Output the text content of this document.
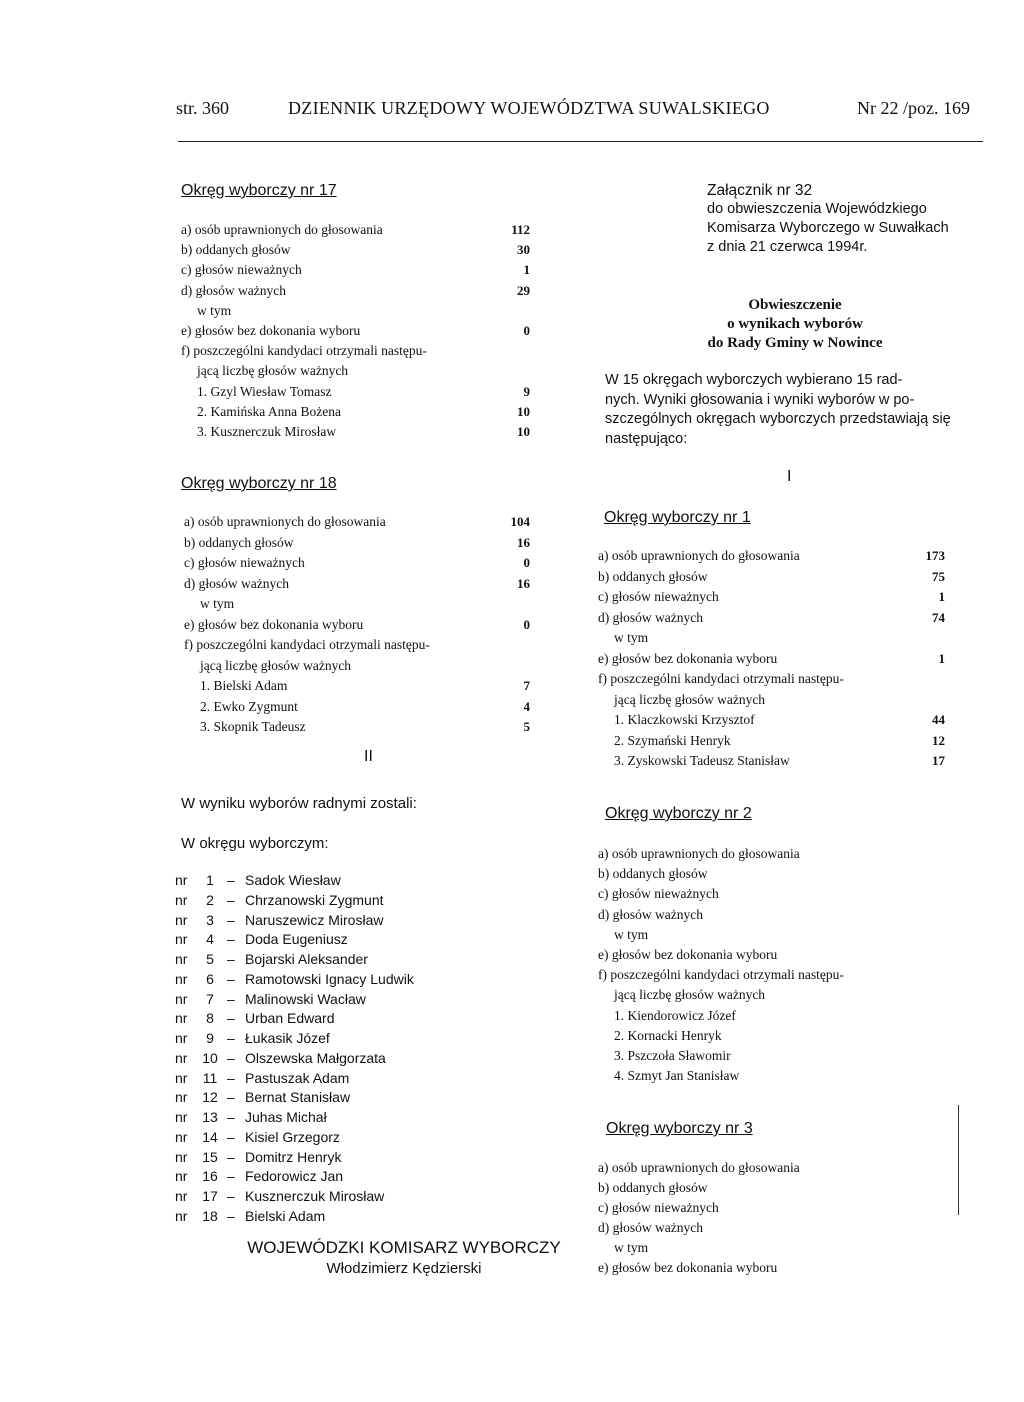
str. 360	DZIENNIK URZĘDOWY WOJEWÓDZTWA SUWALSKIEGO	Nr 22 /poz. 169
Okręg wyborczy nr 17
a) osób uprawnionych do głosowania	112
b) oddanych głosów	30
c) głosów nieważnych	1
d) głosów ważnych	29
w tym
e) głosów bez dokonania wyboru	0
f) poszczególni kandydaci otrzymali następu-
jącą liczbę głosów ważnych
1. Gzyl Wiesław Tomasz	9
2. Kamińska Anna Bożena	10
3. Kusznerczuk Mirosław	10
Okręg wyborczy nr 18
a) osób uprawnionych do głosowania	104
b) oddanych głosów	16
c) głosów nieważnych	0
d) głosów ważnych	16
w tym
e) głosów bez dokonania wyboru	0
f) poszczególni kandydaci otrzymali następu-
jącą liczbę głosów ważnych
1. Bielski Adam	7
2. Ewko Zygmunt	4
3. Skopnik Tadeusz	5
II
W wyniku wyborów radnymi zostali:
W okręgu wyborczym:
nr	1 – Sadok Wiesław
nr	2 – Chrzanowski Zygmunt
nr	3 – Naruszewicz Mirosław
nr	4 – Doda Eugeniusz
nr	5 – Bojarski Aleksander
nr	6 – Ramotowski Ignacy Ludwik
nr	7 – Malinowski Wacław
nr	8 – Urban Edward
nr	9 – Łukasik Józef
nr 10 – Olszewska Małgorzata
nr 11 – Pastuszak Adam
nr 12 – Bernat Stanisław
nr 13 – Juhas Michał
nr 14 – Kisiel Grzegorz
nr 15 – Domitrz Henryk
nr 16 – Fedorowicz Jan
nr 17 – Kusznerczuk Mirosław
nr 18 – Bielski Adam
WOJEWÓDZKI KOMISARZ WYBORCZY
Włodzimierz Kędzierski
Załącznik nr 32
do obwieszczenia Wojewódzkiego
Komisarza Wyborczego w Suwałkach
z dnia 21 czerwca 1994r.
Obwieszczenie
o wynikach wyborów
do Rady Gminy w Nowince
W 15 okręgach wyborczych wybierano 15 rad-
nych. Wyniki głosowania i wyniki wyborów w po-
szczególnych okręgach wyborczych przedstawiają się
następująco:
I
Okręg wyborczy nr 1
a) osób uprawnionych do głosowania	173
b) oddanych głosów	75
c) głosów nieważnych	1
d) głosów ważnych	74
w tym
e) głosów bez dokonania wyboru	1
f) poszczególni kandydaci otrzymali następu-
jącą liczbę głosów ważnych
1. Klaczkowski Krzysztof	44
2. Szymański Henryk	12
3. Zyskowski Tadeusz Stanisław	17
Okręg wyborczy nr 2
a) osób uprawnionych do głosowania
b) oddanych głosów
c) głosów nieważnych
d) głosów ważnych
w tym
e) głosów bez dokonania wyboru
f) poszczególni kandydaci otrzymali następu-
jącą liczbę głosów ważnych
1. Kiendorowicz Józef
2. Kornacki Henryk
3. Pszczoła Sławomir
4. Szmyt Jan Stanisław
Okręg wyborczy nr 3
a) osób uprawnionych do głosowania
b) oddanych głosów
c) głosów nieważnych
d) głosów ważnych
w tym
e) głosów bez dokonania wyboru
